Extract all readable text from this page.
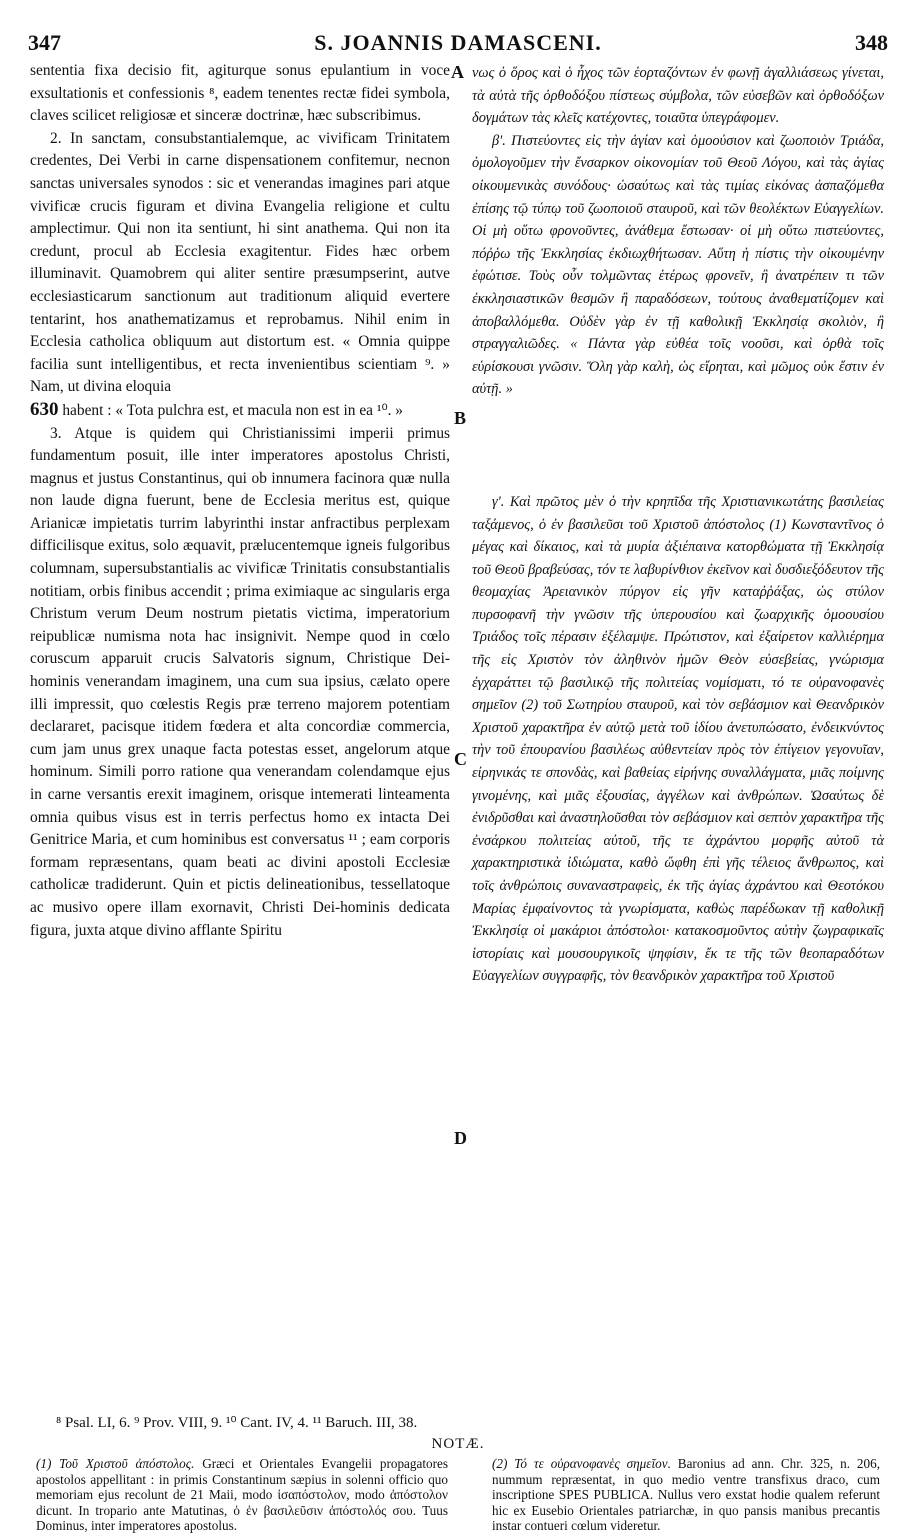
347	S. JOANNIS DAMASCENI.	348

sententia fixa decisio fit, agiturque sonus epulantium in voce exsultationis et confessionis ⁸, eadem tenentes rectæ fidei symbola, claves scilicet religiosæ et sinceræ doctrinæ, hæc subscribimus.

2. In sanctam, consubstantialemque, ac vivificam Trinitatem credentes, Dei Verbi in carne dispensationem confitemur, necnon sanctas universales synodos : sic et venerandas imagines pari atque vivificæ crucis figuram et divina Evangelia religione et cultu amplectimur. Qui non ita sentiunt, hi sint anathema. Qui non ita credunt, procul ab Ecclesia exagitentur. Fides hæc orbem illuminavit. Quamobrem qui aliter sentire præsumpserint, autve ecclesiasticarum sanctionum aut traditionum aliquid evertere tentarint, hos anathematizamus et reprobamus. Nihil enim in Ecclesia catholica obliquum aut distortum est. « Omnia quippe facilia sunt intelligentibus, et recta invenientibus scientiam ⁹. » Nam, ut divina eloquia

630 habent : « Tota pulchra est, et macula non est in ea ¹⁰. »

3. Atque is quidem qui Christianissimi imperii primus fundamentum posuit, ille inter imperatores apostolus Christi, magnus et justus Constantinus, qui ob innumera facinora quæ nulla non laude digna fuerunt, bene de Ecclesia meritus est, quique Arianicæ impietatis turrim labyrinthi instar anfractibus perplexam difficilisque exitus, solo æquavit, prælucentemque igneis fulgoribus columnam, supersubstantialis ac vivificæ Trinitatis consubstantialis notitiam, orbis finibus accendit ; prima eximiaque ac singularis erga Christum verum Deum nostrum pietatis victima, imperatorium reipublicæ numisma nota hac insignivit. Nempe quod in cœlo coruscum apparuit crucis Salvatoris signum, Christique Dei-hominis venerandam imaginem, una cum sua ipsius, cælato opere illi impressit, quo cœlestis Regis præ terreno majorem potentiam declararet, pacisque itidem fœdera et alta concordiæ commercia, cum jam unus grex unaque facta potestas esset, angelorum atque hominum. Simili porro ratione qua venerandam colendamque ejus in carne versantis erexit imaginem, orisque intemerati linteamenta omnia quibus visus est in terris perfectus homo ex intacta Dei Genitrice Maria, et cum hominibus est conversatus ¹¹ ; eam corporis formam repræsentans, quam beati ac divini apostoli Ecclesiæ catholicæ tradiderunt. Quin et pictis delineationibus, tessellatoque ac musivo opere illam exornavit, Christi Dei-hominis dedicata figura, juxta atque divino afflante Spiritu

A
B
C
D

νως ὁ ὅρος καὶ ὁ ἦχος τῶν ἑορταζόντων ἐν φωνῇ ἀγαλλιάσεως γίνεται, τὰ αὐτὰ τῆς ὀρθοδόξου πίστεως σύμβολα, τῶν εὐσεβῶν καὶ ὀρθοδόξων δογμάτων τὰς κλεῖς κατέχοντες, τοιαῦτα ὑπεγράφομεν.

β'. Πιστεύοντες εἰς τὴν ἁγίαν καὶ ὁμοούσιον καὶ ζωοποιὸν Τριάδα, ὁμολογοῦμεν τὴν ἔνσαρκον οἰκονομίαν τοῦ Θεοῦ Λόγου, καὶ τὰς ἁγίας οἰκουμενικὰς συνόδους· ὡσαύτως καὶ τὰς τιμίας εἰκόνας ἀσπαζόμεθα ἐπίσης τῷ τύπῳ τοῦ ζωοποιοῦ σταυροῦ, καὶ τῶν θεολέκτων Εὐαγγελίων. Οἱ μὴ οὕτω φρονοῦντες, ἀνάθεμα ἔστωσαν· οἱ μὴ οὕτω πιστεύοντες, πόῤῥω τῆς Ἐκκλησίας ἐκδιωχθήτωσαν. Αὕτη ἡ πίστις τὴν οἰκουμένην ἐφώτισε. Τοὺς οὖν τολμῶντας ἑτέρως φρονεῖν, ἢ ἀνατρέπειν τι τῶν ἐκκλησιαστικῶν θεσμῶν ἢ παραδόσεων, τούτους ἀναθεματίζομεν καὶ ἀποβαλλόμεθα. Οὐδὲν γὰρ ἐν τῇ καθολικῇ Ἐκκλησίᾳ σκολιὸν, ἢ στραγγαλιῶδες. « Πάντα γὰρ εὐθέα τοῖς νοοῦσι, καὶ ὀρθὰ τοῖς εὑρίσκουσι γνῶσιν. Ὅλη γὰρ καλὴ, ὡς εἴρηται, καὶ μῶμος οὐκ ἔστιν ἐν αὐτῇ. »

γ'. Καὶ πρῶτος μὲν ὁ τὴν κρηπῖδα τῆς Χριστιανικωτάτης βασιλείας ταξάμενος, ὁ ἐν βασιλεῦσι τοῦ Χριστοῦ ἀπόστολος (1) Κωνσταντῖνος ὁ μέγας καὶ δίκαιος, καὶ τὰ μυρία ἀξιέπαινα κατορθώματα τῇ Ἐκκλησίᾳ τοῦ Θεοῦ βραβεύσας, τόν τε λαβυρίνθιον ἐκεῖνον καὶ δυσδιεξόδευτον τῆς θεομαχίας Ἀρειανικὸν πύργον εἰς γῆν καταῤῥάξας, ὡς στύλον πυρσοφανῆ τὴν γνῶσιν τῆς ὑπερουσίου καὶ ζωαρχικῆς ὁμοουσίου Τριάδος τοῖς πέρασιν ἐξέλαμψε. Πρώτιστον, καὶ ἐξαίρετον καλλιέρημα τῆς εἰς Χριστὸν τὸν ἀληθινὸν ἡμῶν Θεὸν εὐσεβείας, γνώρισμα ἐγχαράττει τῷ βασιλικῷ τῆς πολιτείας νομίσματι, τό τε οὐρανοφανὲς σημεῖον (2) τοῦ Σωτηρίου σταυροῦ, καὶ τὸν σεβάσμιον καὶ Θεανδρικὸν Χριστοῦ χαρακτῆρα ἐν αὐτῷ μετὰ τοῦ ἰδίου ἀνετυπώσατο, ἐνδεικνύντος τὴν τοῦ ἐπουρανίου βασιλέως αὐθεντείαν πρὸς τὸν ἐπίγειον γεγονυῖαν, εἰρηνικάς τε σπονδὰς, καὶ βαθείας εἰρήνης συναλλάγματα, μιᾶς ποίμνης γινομένης, καὶ μιᾶς ἐξουσίας, ἀγγέλων καὶ ἀνθρώπων. Ὡσαύτως δὲ ἐνιδρῦσθαι καὶ ἀναστηλοῦσθαι τὸν σεβάσμιον καὶ σεπτὸν χαρακτῆρα τῆς ἐνσάρκου πολιτείας αὐτοῦ, τῆς τε ἀχράντου μορφῆς αὐτοῦ τὰ χαρακτηριστικὰ ἰδιώματα, καθὸ ὤφθη ἐπὶ γῆς τέλειος ἄνθρωπος, καὶ τοῖς ἀνθρώποις συναναστραφεὶς, ἐκ τῆς ἁγίας ἀχράντου καὶ Θεοτόκου Μαρίας ἐμφαίνοντος τὰ γνωρίσματα, καθὼς παρέδωκαν τῇ καθολικῇ Ἐκκλησίᾳ οἱ μακάριοι ἀπόστολοι· κατακοσμοῦντος αὐτὴν ζωγραφικαῖς ἱστορίαις καὶ μουσουργικοῖς ψηφίσιν, ἔκ τε τῆς τῶν θεοπαραδότων Εὐαγγελίων συγγραφῆς, τὸν θεανδρικὸν χαρακτῆρα τοῦ Χριστοῦ

⁸ Psal. LI, 6. ⁹ Prov. VIII, 9. ¹⁰ Cant. IV, 4. ¹¹ Baruch. III, 38.
NOTÆ.
(1) Τοῦ Χριστοῦ ἀπόστολος. Græci et Orientales Evangelii propagatores apostolos appellitant : in primis Constantinum sæpius in solenni officio quo memoriam ejus recolunt de 21 Maii, modo ἰσαπόστολον, modo ἀπόστολον dicunt. In tropario ante Matutinas, ὁ ἐν βασιλεῦσιν ἀπόστολός σου. Tuus Dominus, inter imperatores apostolus.
(2) Τό τε οὐρανοφανὲς σημεῖον. Baronius ad ann. Chr. 325, n. 206, nummum repræsentat, in quo medio ventre transfixus draco, cum inscriptione SPES PUBLICA. Nullus vero exstat hodie qualem referunt hic ex Eusebio Orientales patriarchæ, in quo pansis manibus precantis instar contueri cœlum videretur.
